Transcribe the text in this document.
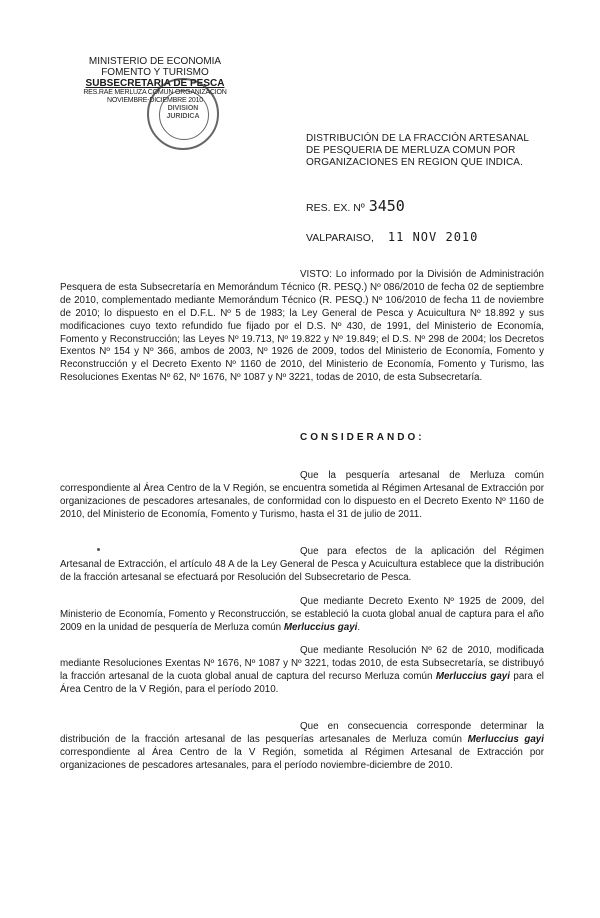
MINISTERIO DE ECONOMIA
FOMENTO Y TURISMO
SUBSECRETARIA DE PESCA
RES.RAE MERLUZA COMUN ORGANIZACION
NOVIEMBRE-DICIEMBRE 2010
DIVISION
JURIDICA
DISTRIBUCIÓN DE LA FRACCIÓN ARTESANAL
DE PESQUERIA DE MERLUZA COMUN POR
ORGANIZACIONES EN REGION QUE INDICA.
RES. EX. Nº 3450
VALPARAISO, 11 NOV 2010
VISTO: Lo informado por la División de Administración Pesquera de esta Subsecretaría en Memorándum Técnico (R. PESQ.) Nº 086/2010 de fecha 02 de septiembre de 2010, complementado mediante Memorándum Técnico (R. PESQ.) Nº 106/2010 de fecha 11 de noviembre de 2010; lo dispuesto en el D.F.L. Nº 5 de 1983; la Ley General de Pesca y Acuicultura Nº 18.892 y sus modificaciones cuyo texto refundido fue fijado por el D.S. Nº 430, de 1991, del Ministerio de Economía, Fomento y Reconstrucción; las Leyes Nº 19.713, Nº 19.822 y Nº 19.849; el D.S. Nº 298 de 2004; los Decretos Exentos Nº 154 y Nº 366, ambos de 2003, Nº 1926 de 2009, todos del Ministerio de Economía, Fomento y Reconstrucción y el Decreto Exento Nº 1160 de 2010, del Ministerio de Economía, Fomento y Turismo, las Resoluciones Exentas Nº 62, Nº 1676, Nº 1087 y Nº 3221, todas de 2010, de esta Subsecretaría.
CONSIDERANDO:
Que la pesquería artesanal de Merluza común correspondiente al Área Centro de la V Región, se encuentra sometida al Régimen Artesanal de Extracción por organizaciones de pescadores artesanales, de conformidad con lo dispuesto en el Decreto Exento Nº 1160 de 2010, del Ministerio de Economía, Fomento y Turismo, hasta el 31 de julio de 2011.
Que para efectos de la aplicación del Régimen Artesanal de Extracción, el artículo 48 A de la Ley General de Pesca y Acuicultura establece que la distribución de la fracción artesanal se efectuará por Resolución del Subsecretario de Pesca.
Que mediante Decreto Exento Nº 1925 de 2009, del Ministerio de Economía, Fomento y Reconstrucción, se estableció la cuota global anual de captura para el año 2009 en la unidad de pesquería de Merluza común Merluccius gayi.
Que mediante Resolución Nº 62 de 2010, modificada mediante Resoluciones Exentas Nº 1676, Nº 1087 y Nº 3221, todas 2010, de esta Subsecretaría, se distribuyó la fracción artesanal de la cuota global anual de captura del recurso Merluza común Merluccius gayi para el Área Centro de la V Región, para el período 2010.
Que en consecuencia corresponde determinar la distribución de la fracción artesanal de las pesquerías artesanales de Merluza común Merluccius gayi correspondiente al Área Centro de la V Región, sometida al Régimen Artesanal de Extracción por organizaciones de pescadores artesanales, para el período noviembre-diciembre de 2010.
